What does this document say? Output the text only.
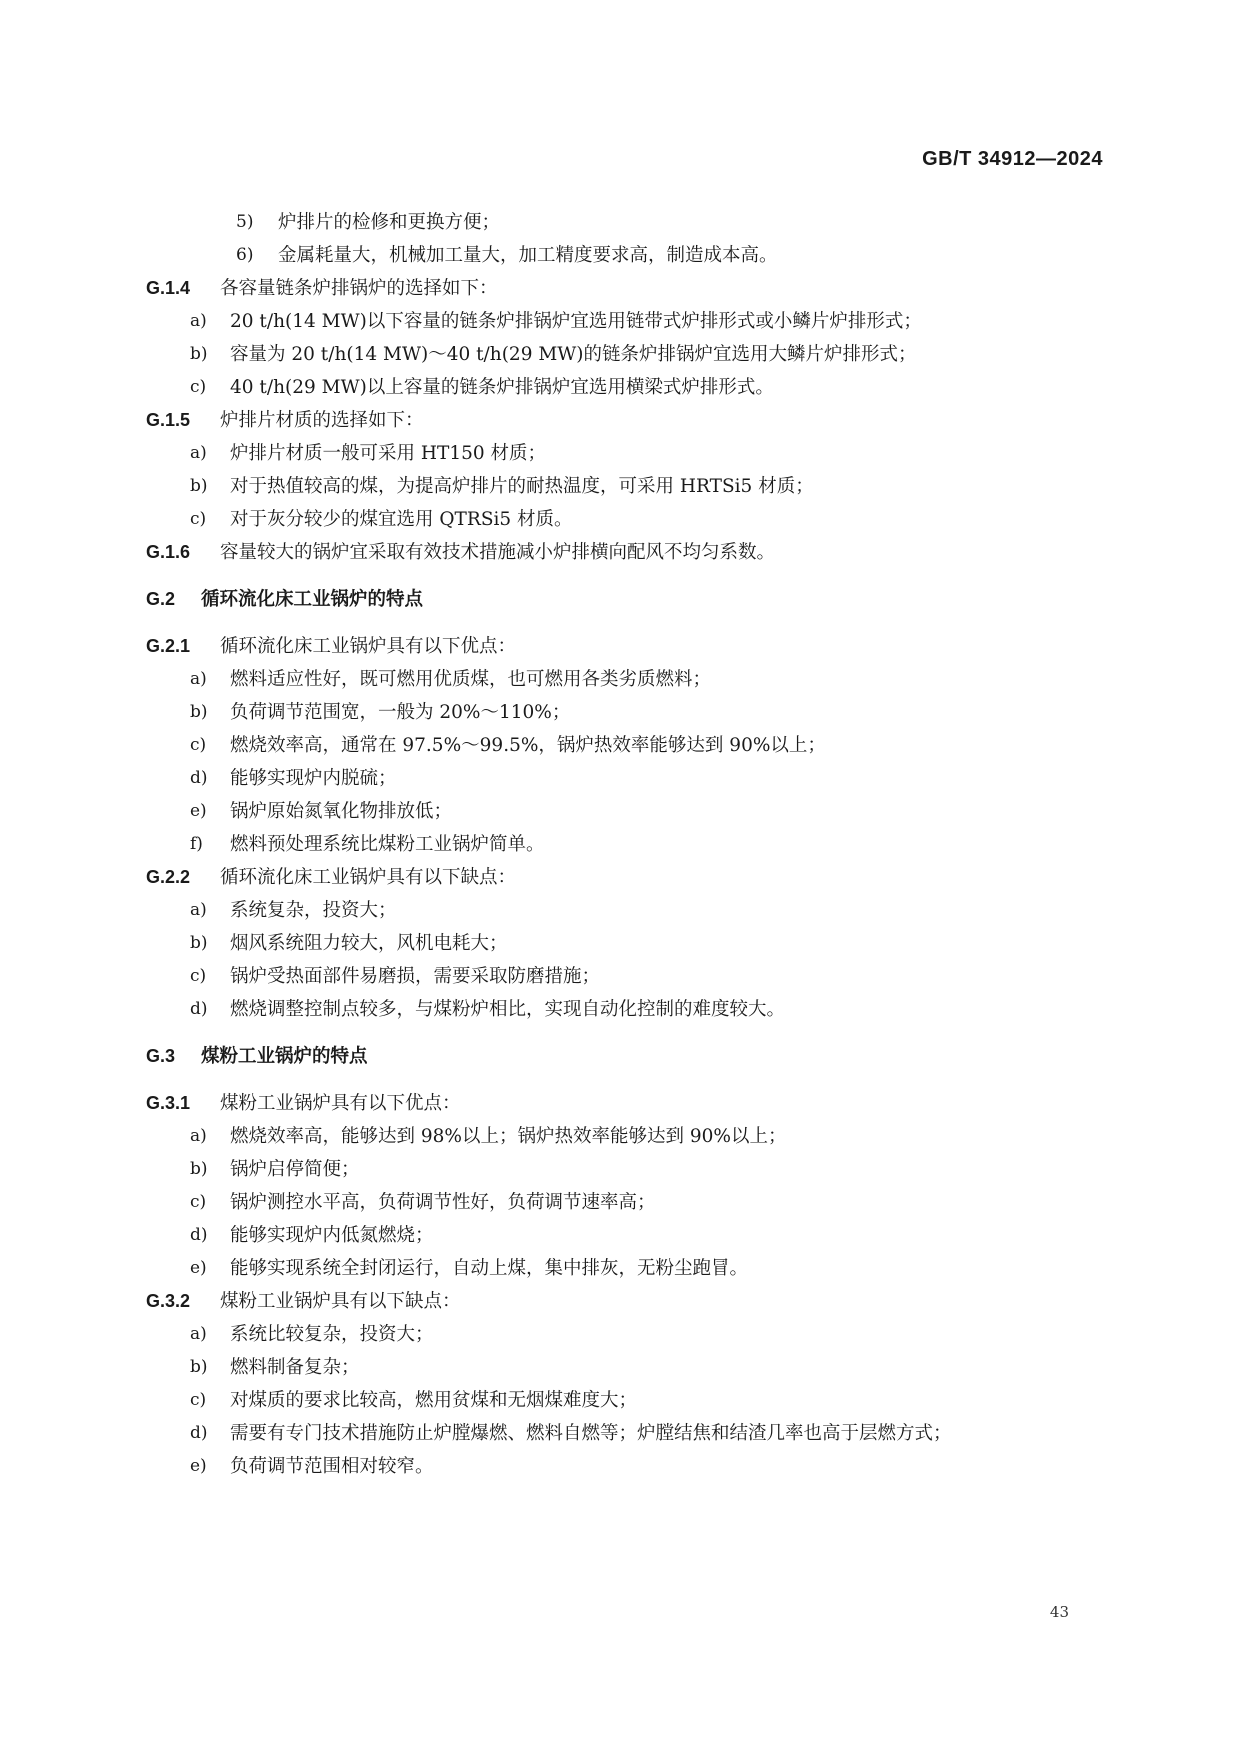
GB/T 34912—2024

5)	炉排片的检修和更换方便；
6)	金属耗量大，机械加工量大，加工精度要求高，制造成本高。
G.1.4	各容量链条炉排锅炉的选择如下：
a)	20 t/h(14 MW)以下容量的链条炉排锅炉宜选用链带式炉排形式或小鳞片炉排形式；
b)	容量为 20 t/h(14 MW)～40 t/h(29 MW)的链条炉排锅炉宜选用大鳞片炉排形式；
c)	40 t/h(29 MW)以上容量的链条炉排锅炉宜选用横梁式炉排形式。
G.1.5	炉排片材质的选择如下：
a)	炉排片材质一般可采用 HT150 材质；
b)	对于热值较高的煤，为提高炉排片的耐热温度，可采用 HRTSi5 材质；
c)	对于灰分较少的煤宜选用 QTRSi5 材质。
G.1.6	容量较大的锅炉宜采取有效技术措施减小炉排横向配风不均匀系数。
G.2	循环流化床工业锅炉的特点
G.2.1	循环流化床工业锅炉具有以下优点：
a)	燃料适应性好，既可燃用优质煤，也可燃用各类劣质燃料；
b)	负荷调节范围宽，一般为 20%～110%；
c)	燃烧效率高，通常在 97.5%～99.5%，锅炉热效率能够达到 90%以上；
d)	能够实现炉内脱硫；
e)	锅炉原始氮氧化物排放低；
f)	燃料预处理系统比煤粉工业锅炉简单。
G.2.2	循环流化床工业锅炉具有以下缺点：
a)	系统复杂，投资大；
b)	烟风系统阻力较大，风机电耗大；
c)	锅炉受热面部件易磨损，需要采取防磨措施；
d)	燃烧调整控制点较多，与煤粉炉相比，实现自动化控制的难度较大。
G.3	煤粉工业锅炉的特点
G.3.1	煤粉工业锅炉具有以下优点：
a)	燃烧效率高，能够达到 98%以上；锅炉热效率能够达到 90%以上；
b)	锅炉启停简便；
c)	锅炉测控水平高，负荷调节性好，负荷调节速率高；
d)	能够实现炉内低氮燃烧；
e)	能够实现系统全封闭运行，自动上煤，集中排灰，无粉尘跑冒。
G.3.2	煤粉工业锅炉具有以下缺点：
a)	系统比较复杂，投资大；
b)	燃料制备复杂；
c)	对煤质的要求比较高，燃用贫煤和无烟煤难度大；
d)	需要有专门技术措施防止炉膛爆燃、燃料自燃等；炉膛结焦和结渣几率也高于层燃方式；
e)	负荷调节范围相对较窄。

43
